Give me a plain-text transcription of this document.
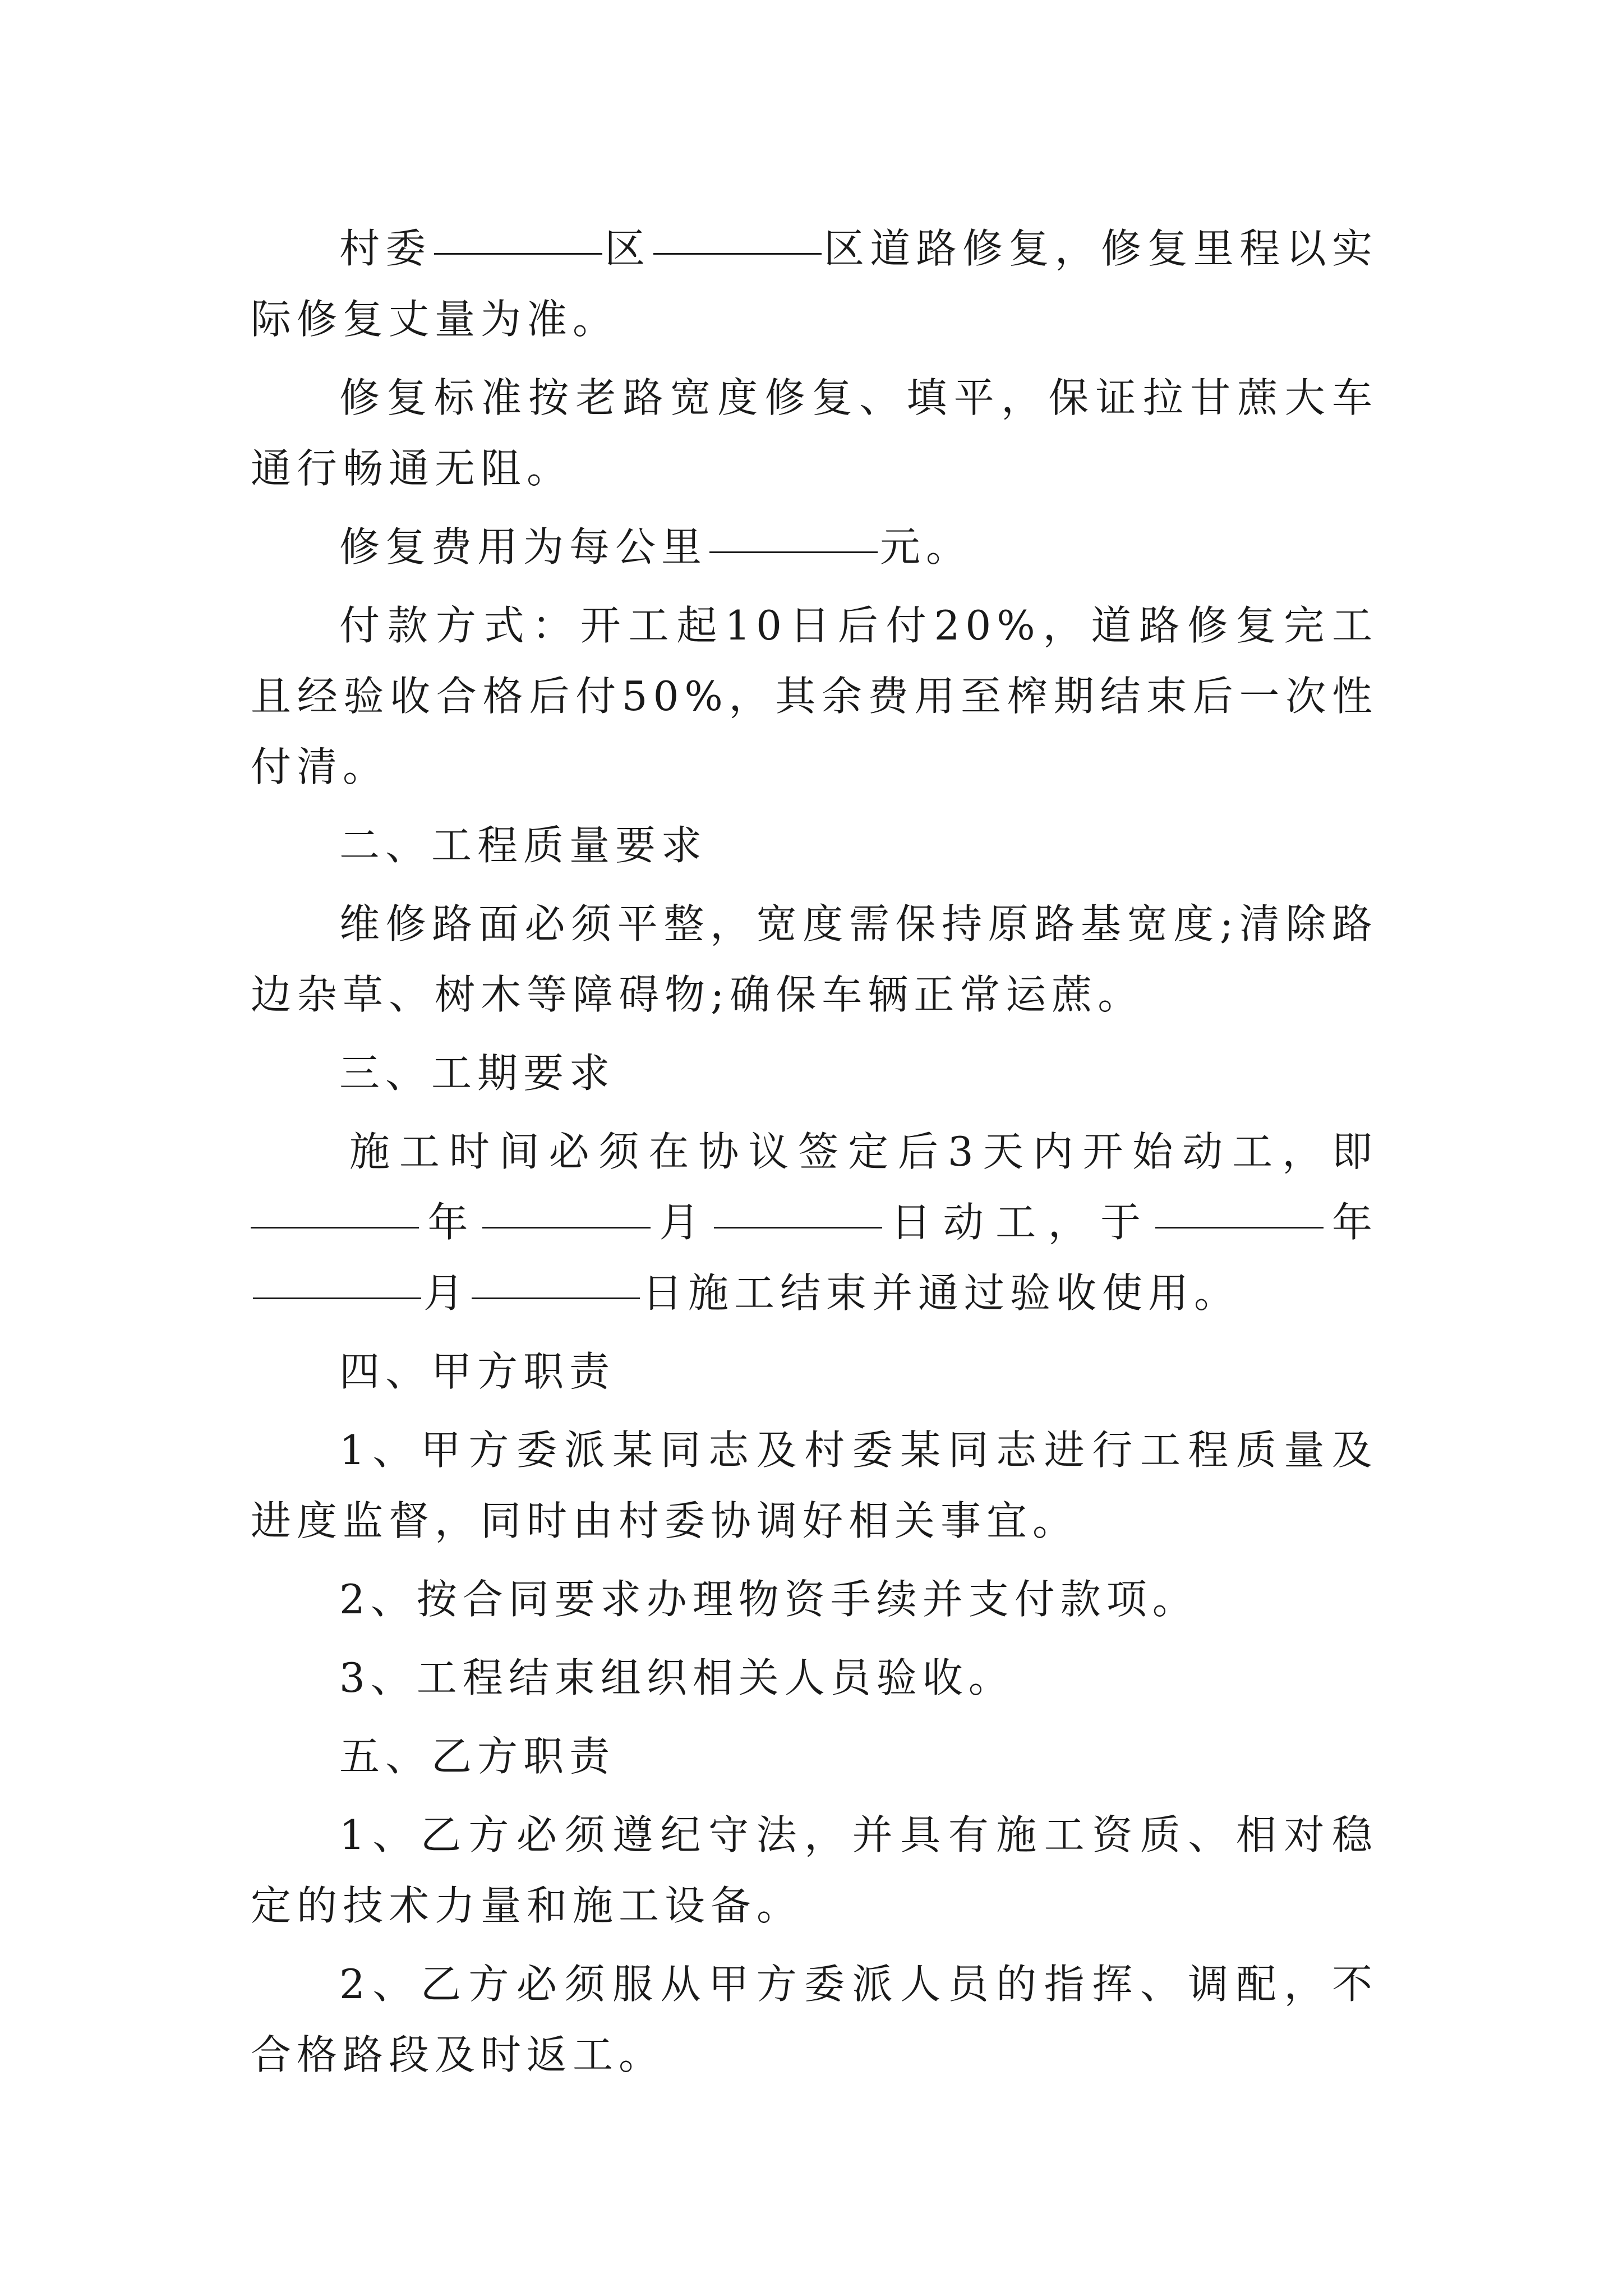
村委	区	区道路修复，修复里程以实际修复丈量为准。

修复标准按老路宽度修复、填平，保证拉甘蔗大车通行畅通无阻。

修复费用为每公里	元。

付款方式：开工起10日后付20%，道路修复完工且经验收合格后付50%，其余费用至榨期结束后一次性付清。

二、工程质量要求

维修路面必须平整，宽度需保持原路基宽度;清除路边杂草、树木等障碍物;确保车辆正常运蔗。

三、工期要求

施工时间必须在协议签定后3天内开始动工，即年	月	日动工，于	年月	日施工结束并通过验收使用。

四、甲方职责

1、甲方委派某同志及村委某同志进行工程质量及进度监督，同时由村委协调好相关事宜。

2、按合同要求办理物资手续并支付款项。

3、工程结束组织相关人员验收。

五、乙方职责

1、乙方必须遵纪守法，并具有施工资质、相对稳定的技术力量和施工设备。

2、乙方必须服从甲方委派人员的指挥、调配，不合格路段及时返工。
